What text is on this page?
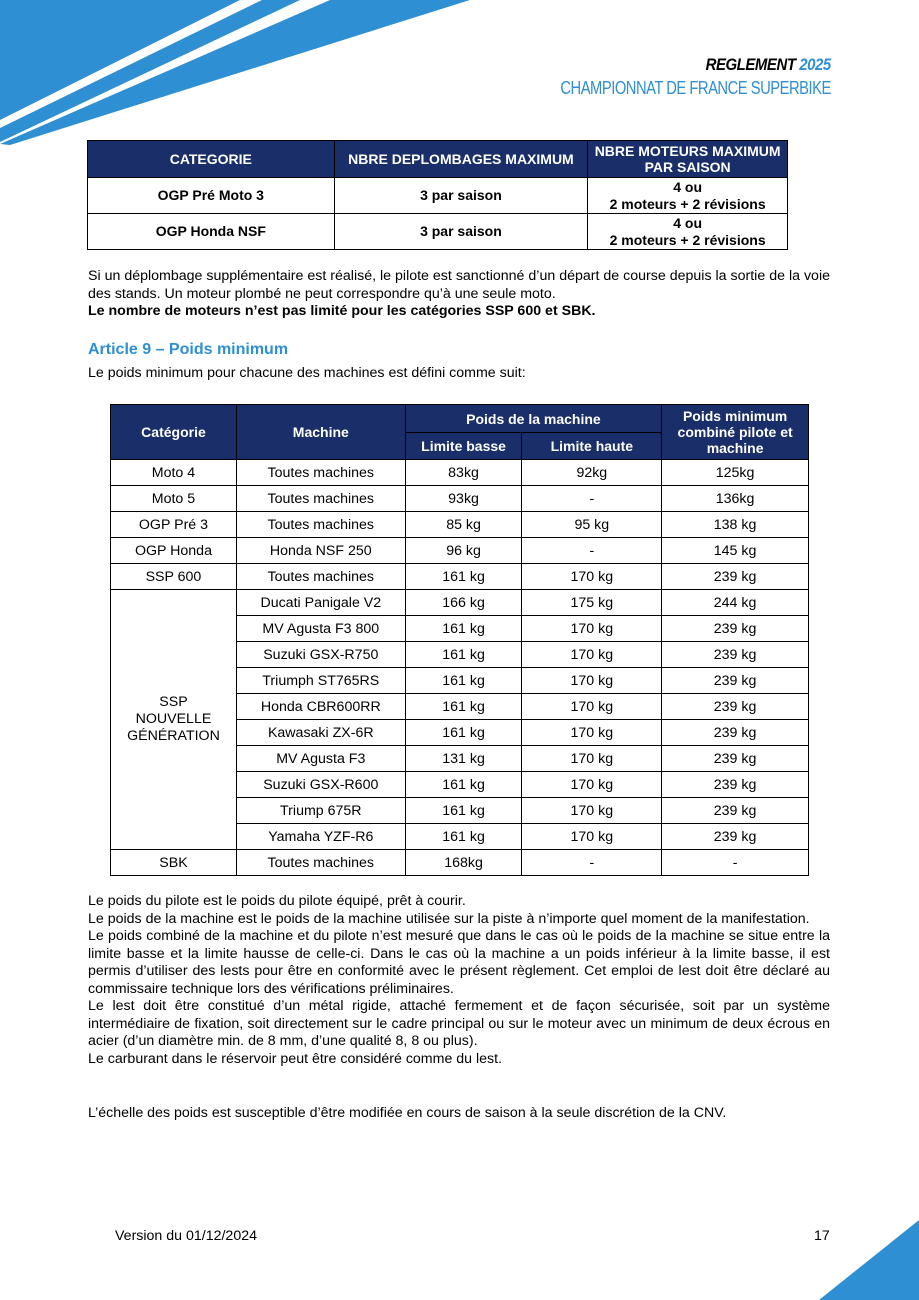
REGLEMENT 2025
CHAMPIONNAT DE FRANCE SUPERBIKE
CATEGORIE	NBRE DEPLOMBAGES MAXIMUM	NBRE MOTEURS MAXIMUM PAR SAISON
OGP Pré Moto 3	3 par saison	4 ou
2 moteurs + 2 révisions
OGP Honda NSF	3 par saison	4 ou
2 moteurs + 2 révisions

Si un déplombage supplémentaire est réalisé, le pilote est sanctionné d’un départ de course depuis la sortie de la voie des stands. Un moteur plombé ne peut correspondre qu’à une seule moto.

Le nombre de moteurs n’est pas limité pour les catégories SSP 600 et SBK.

Article 9 – Poids minimum
Le poids minimum pour chacune des machines est défini comme suit:
Catégorie	Machine	Poids de la machine		Poids minimum combiné pilote et machine
		Limite basse	Limite haute	
Moto 4	Toutes machines	83kg	92kg	125kg
Moto 5	Toutes machines	93kg	-	136kg
OGP Pré 3	Toutes machines	85 kg	95 kg	138 kg
OGP Honda	Honda NSF 250	96 kg	-	145 kg
SSP 600	Toutes machines	161 kg	170 kg	239 kg
SSP
NOUVELLE
GÉNÉRATION	Ducati Panigale V2	166 kg	175 kg	244 kg
	MV Agusta F3 800	161 kg	170 kg	239 kg
	Suzuki GSX-R750	161 kg	170 kg	239 kg
	Triumph ST765RS	161 kg	170 kg	239 kg
	Honda CBR600RR	161 kg	170 kg	239 kg
	Kawasaki ZX-6R	161 kg	170 kg	239 kg
	MV Agusta F3	131 kg	170 kg	239 kg
	Suzuki GSX-R600	161 kg	170 kg	239 kg
	Triump 675R	161 kg	170 kg	239 kg
	Yamaha YZF-R6	161 kg	170 kg	239 kg
SBK	Toutes machines	168kg	-	-

Le poids du pilote est le poids du pilote équipé, prêt à courir.

Le poids de la machine est le poids de la machine utilisée sur la piste à n’importe quel moment de la manifestation.

Le poids combiné de la machine et du pilote n’est mesuré que dans le cas où le poids de la machine se situe entre la limite basse et la limite hausse de celle-ci. Dans le cas où la machine a un poids inférieur à la limite basse, il est permis d’utiliser des lests pour être en conformité avec le présent règlement. Cet emploi de lest doit être déclaré au commissaire technique lors des vérifications préliminaires.

Le lest doit être constitué d’un métal rigide, attaché fermement et de façon sécurisée, soit par un système intermédiaire de fixation, soit directement sur le cadre principal ou sur le moteur avec un minimum de deux écrous en acier (d’un diamètre min. de 8 mm, d’une qualité 8, 8 ou plus).

Le carburant dans le réservoir peut être considéré comme du lest.

L’échelle des poids est susceptible d’être modifiée en cours de saison à la seule discrétion de la CNV.
Version du 01/12/2024	17
